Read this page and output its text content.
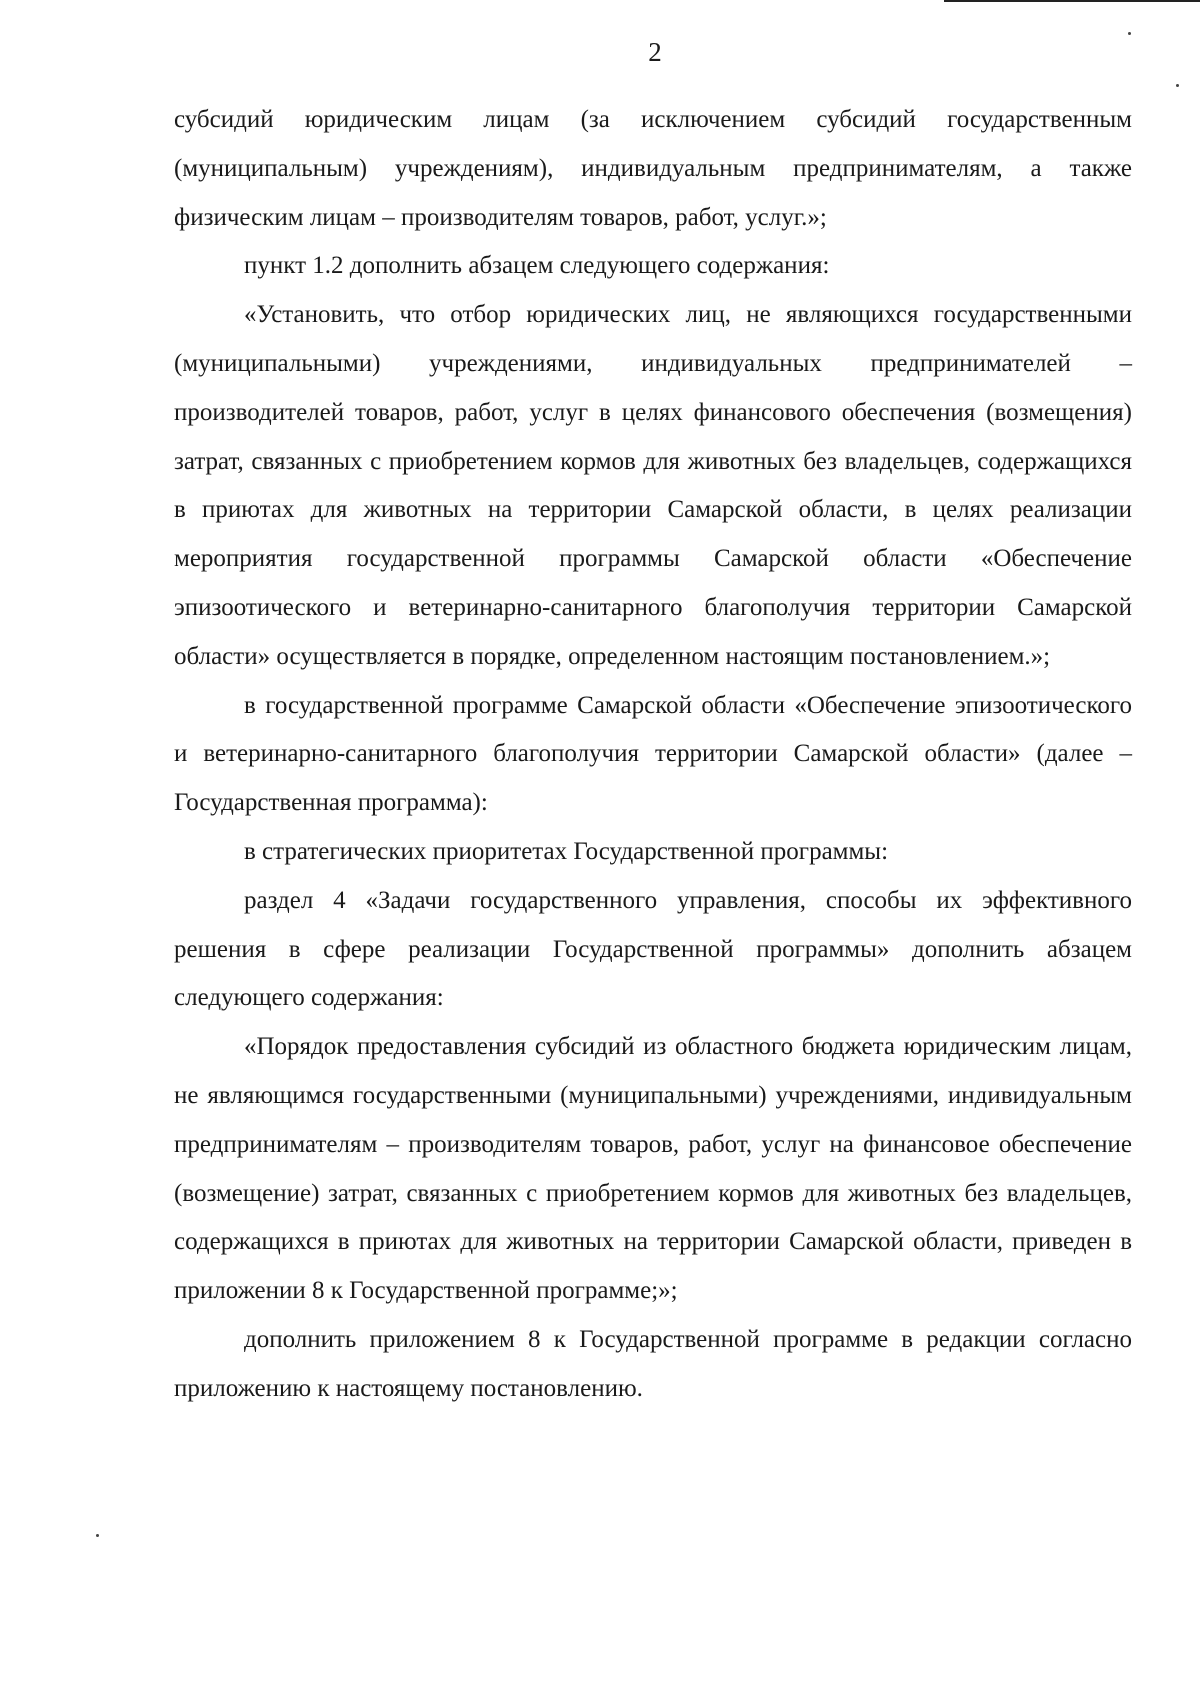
2

субсидий юридическим лицам (за исключением субсидий государственным (муниципальным) учреждениям), индивидуальным предпринимателям, а также физическим лицам – производителям товаров, работ, услуг.»;

пункт 1.2 дополнить абзацем следующего содержания:

«Установить, что отбор юридических лиц, не являющихся государственными (муниципальными) учреждениями, индивидуальных предпринимателей – производителей товаров, работ, услуг в целях финансового обеспечения (возмещения) затрат, связанных с приобретением кормов для животных без владельцев, содержащихся в приютах для животных на территории Самарской области, в целях реализации мероприятия государственной программы Самарской области «Обеспечение эпизоотического и ветеринарно-санитарного благополучия территории Самарской области» осуществляется в порядке, определенном настоящим постановлением.»;

в государственной программе Самарской области «Обеспечение эпизоотического и ветеринарно-санитарного благополучия территории Самарской области» (далее – Государственная программа):

в стратегических приоритетах Государственной программы:

раздел 4 «Задачи государственного управления, способы их эффективного решения в сфере реализации Государственной программы» дополнить абзацем следующего содержания:

«Порядок предоставления субсидий из областного бюджета юридическим лицам, не являющимся государственными (муниципальными) учреждениями, индивидуальным предпринимателям – производителям товаров, работ, услуг на финансовое обеспечение (возмещение) затрат, связанных с приобретением кормов для животных без владельцев, содержащихся в приютах для животных на территории Самарской области, приведен в приложении 8 к Государственной программе;»;

дополнить приложением 8 к Государственной программе в редакции согласно приложению к настоящему постановлению.
